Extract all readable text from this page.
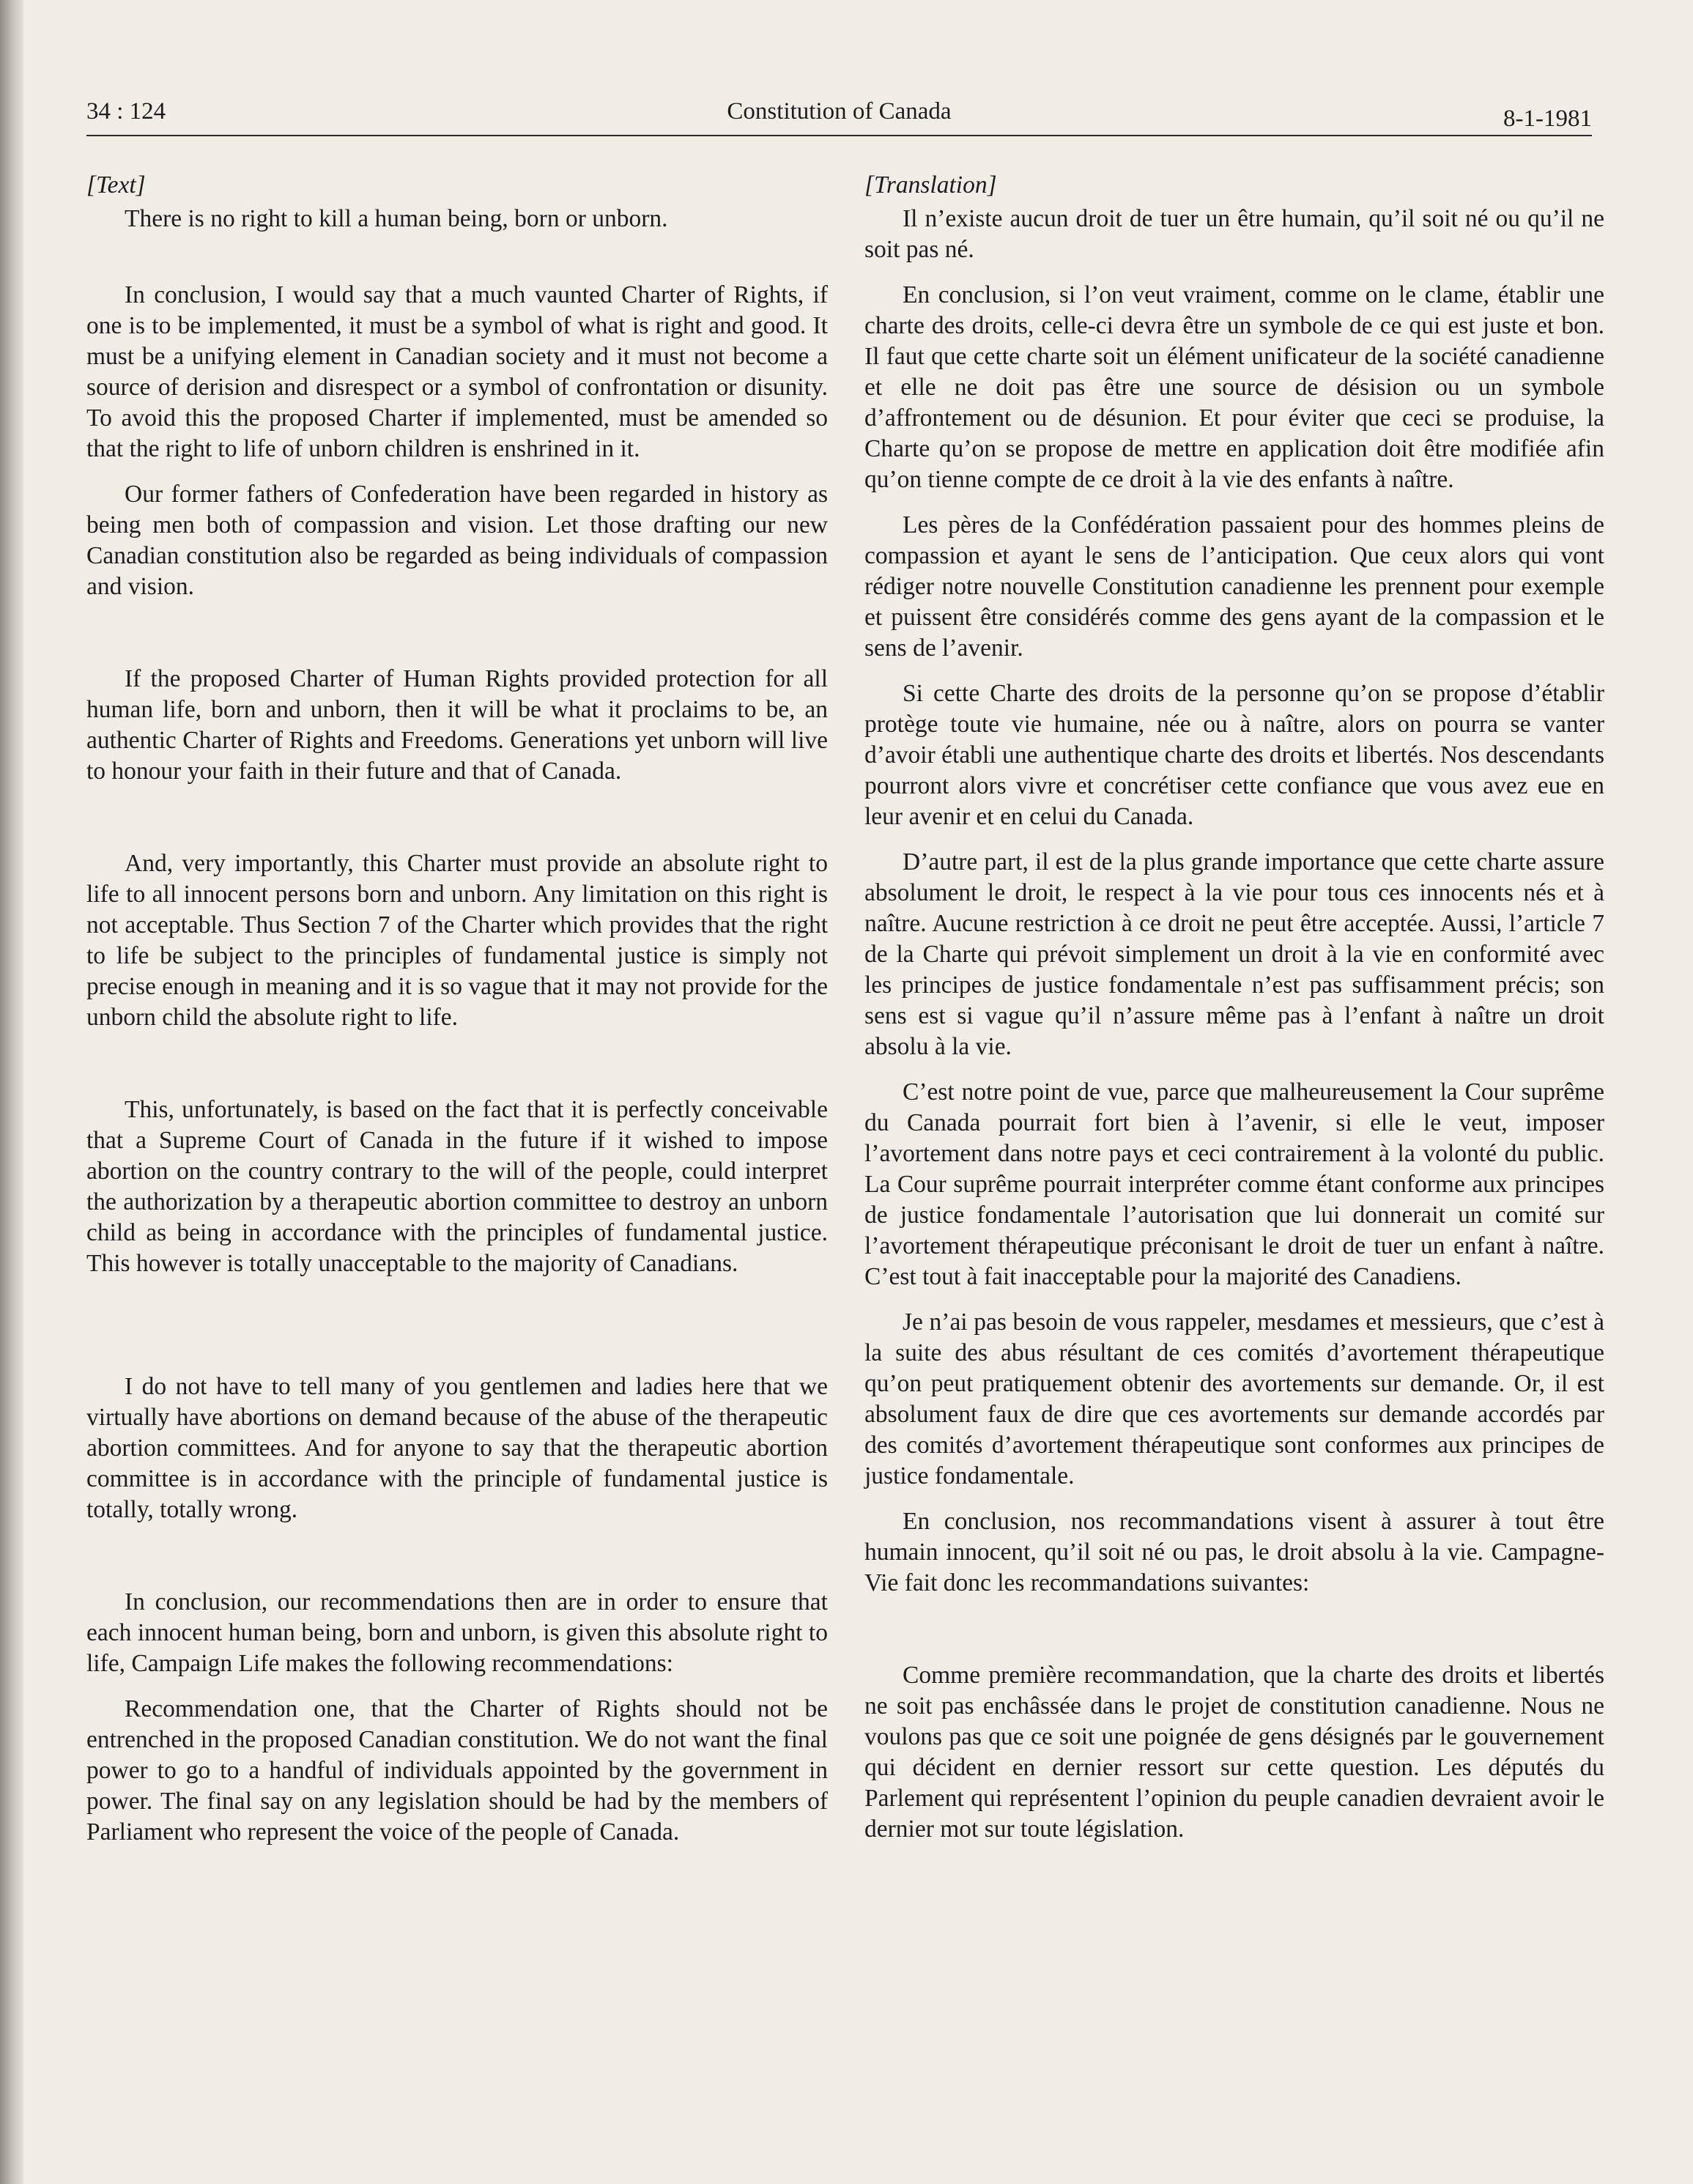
34 : 124	Constitution of Canada	8-1-1981
[Text]

There is no right to kill a human being, born or unborn.

In conclusion, I would say that a much vaunted Charter of Rights, if one is to be implemented, it must be a symbol of what is right and good. It must be a unifying element in Canadian society and it must not become a source of derision and disrespect or a symbol of confrontation or disunity. To avoid this the proposed Charter if implemented, must be amended so that the right to life of unborn children is enshrined in it.

Our former fathers of Confederation have been regarded in history as being men both of compassion and vision. Let those drafting our new Canadian constitution also be regarded as being individuals of compassion and vision.

If the proposed Charter of Human Rights provided protection for all human life, born and unborn, then it will be what it proclaims to be, an authentic Charter of Rights and Freedoms. Generations yet unborn will live to honour your faith in their future and that of Canada.

And, very importantly, this Charter must provide an absolute right to life to all innocent persons born and unborn. Any limitation on this right is not acceptable. Thus Section 7 of the Charter which provides that the right to life be subject to the principles of fundamental justice is simply not precise enough in meaning and it is so vague that it may not provide for the unborn child the absolute right to life.

This, unfortunately, is based on the fact that it is perfectly conceivable that a Supreme Court of Canada in the future if it wished to impose abortion on the country contrary to the will of the people, could interpret the authorization by a therapeutic abortion committee to destroy an unborn child as being in accordance with the principles of fundamental justice. This however is totally unacceptable to the majority of Canadians.

I do not have to tell many of you gentlemen and ladies here that we virtually have abortions on demand because of the abuse of the therapeutic abortion committees. And for anyone to say that the therapeutic abortion committee is in accordance with the principle of fundamental justice is totally, totally wrong.

In conclusion, our recommendations then are in order to ensure that each innocent human being, born and unborn, is given this absolute right to life, Campaign Life makes the following recommendations:

Recommendation one, that the Charter of Rights should not be entrenched in the proposed Canadian constitution. We do not want the final power to go to a handful of individuals appointed by the government in power. The final say on any legislation should be had by the members of Parliament who represent the voice of the people of Canada.

[Translation]

Il n’existe aucun droit de tuer un être humain, qu’il soit né ou qu’il ne soit pas né.

En conclusion, si l’on veut vraiment, comme on le clame, établir une charte des droits, celle-ci devra être un symbole de ce qui est juste et bon. Il faut que cette charte soit un élément unificateur de la société canadienne et elle ne doit pas être une source de désision ou un symbole d’affrontement ou de désunion. Et pour éviter que ceci se produise, la Charte qu’on se propose de mettre en application doit être modifiée afin qu’on tienne compte de ce droit à la vie des enfants à naître.

Les pères de la Confédération passaient pour des hommes pleins de compassion et ayant le sens de l’anticipation. Que ceux alors qui vont rédiger notre nouvelle Constitution canadienne les prennent pour exemple et puissent être considérés comme des gens ayant de la compassion et le sens de l’avenir.

Si cette Charte des droits de la personne qu’on se propose d’établir protège toute vie humaine, née ou à naître, alors on pourra se vanter d’avoir établi une authentique charte des droits et libertés. Nos descendants pourront alors vivre et concrétiser cette confiance que vous avez eue en leur avenir et en celui du Canada.

D’autre part, il est de la plus grande importance que cette charte assure absolument le droit, le respect à la vie pour tous ces innocents nés et à naître. Aucune restriction à ce droit ne peut être acceptée. Aussi, l’article 7 de la Charte qui prévoit simplement un droit à la vie en conformité avec les principes de justice fondamentale n’est pas suffisamment précis; son sens est si vague qu’il n’assure même pas à l’enfant à naître un droit absolu à la vie.

C’est notre point de vue, parce que malheureusement la Cour suprême du Canada pourrait fort bien à l’avenir, si elle le veut, imposer l’avortement dans notre pays et ceci contrairement à la volonté du public. La Cour suprême pourrait interpréter comme étant conforme aux principes de justice fondamentale l’autorisation que lui donnerait un comité sur l’avortement thérapeutique préconisant le droit de tuer un enfant à naître. C’est tout à fait inacceptable pour la majorité des Canadiens.

Je n’ai pas besoin de vous rappeler, mesdames et messieurs, que c’est à la suite des abus résultant de ces comités d’avortement thérapeutique qu’on peut pratiquement obtenir des avortements sur demande. Or, il est absolument faux de dire que ces avortements sur demande accordés par des comités d’avortement thérapeutique sont conformes aux principes de justice fondamentale.

En conclusion, nos recommandations visent à assurer à tout être humain innocent, qu’il soit né ou pas, le droit absolu à la vie. Campagne-Vie fait donc les recommandations suivantes:

Comme première recommandation, que la charte des droits et libertés ne soit pas enchâssée dans le projet de constitution canadienne. Nous ne voulons pas que ce soit une poignée de gens désignés par le gouvernement qui décident en dernier ressort sur cette question. Les députés du Parlement qui représentent l’opinion du peuple canadien devraient avoir le dernier mot sur toute législation.
